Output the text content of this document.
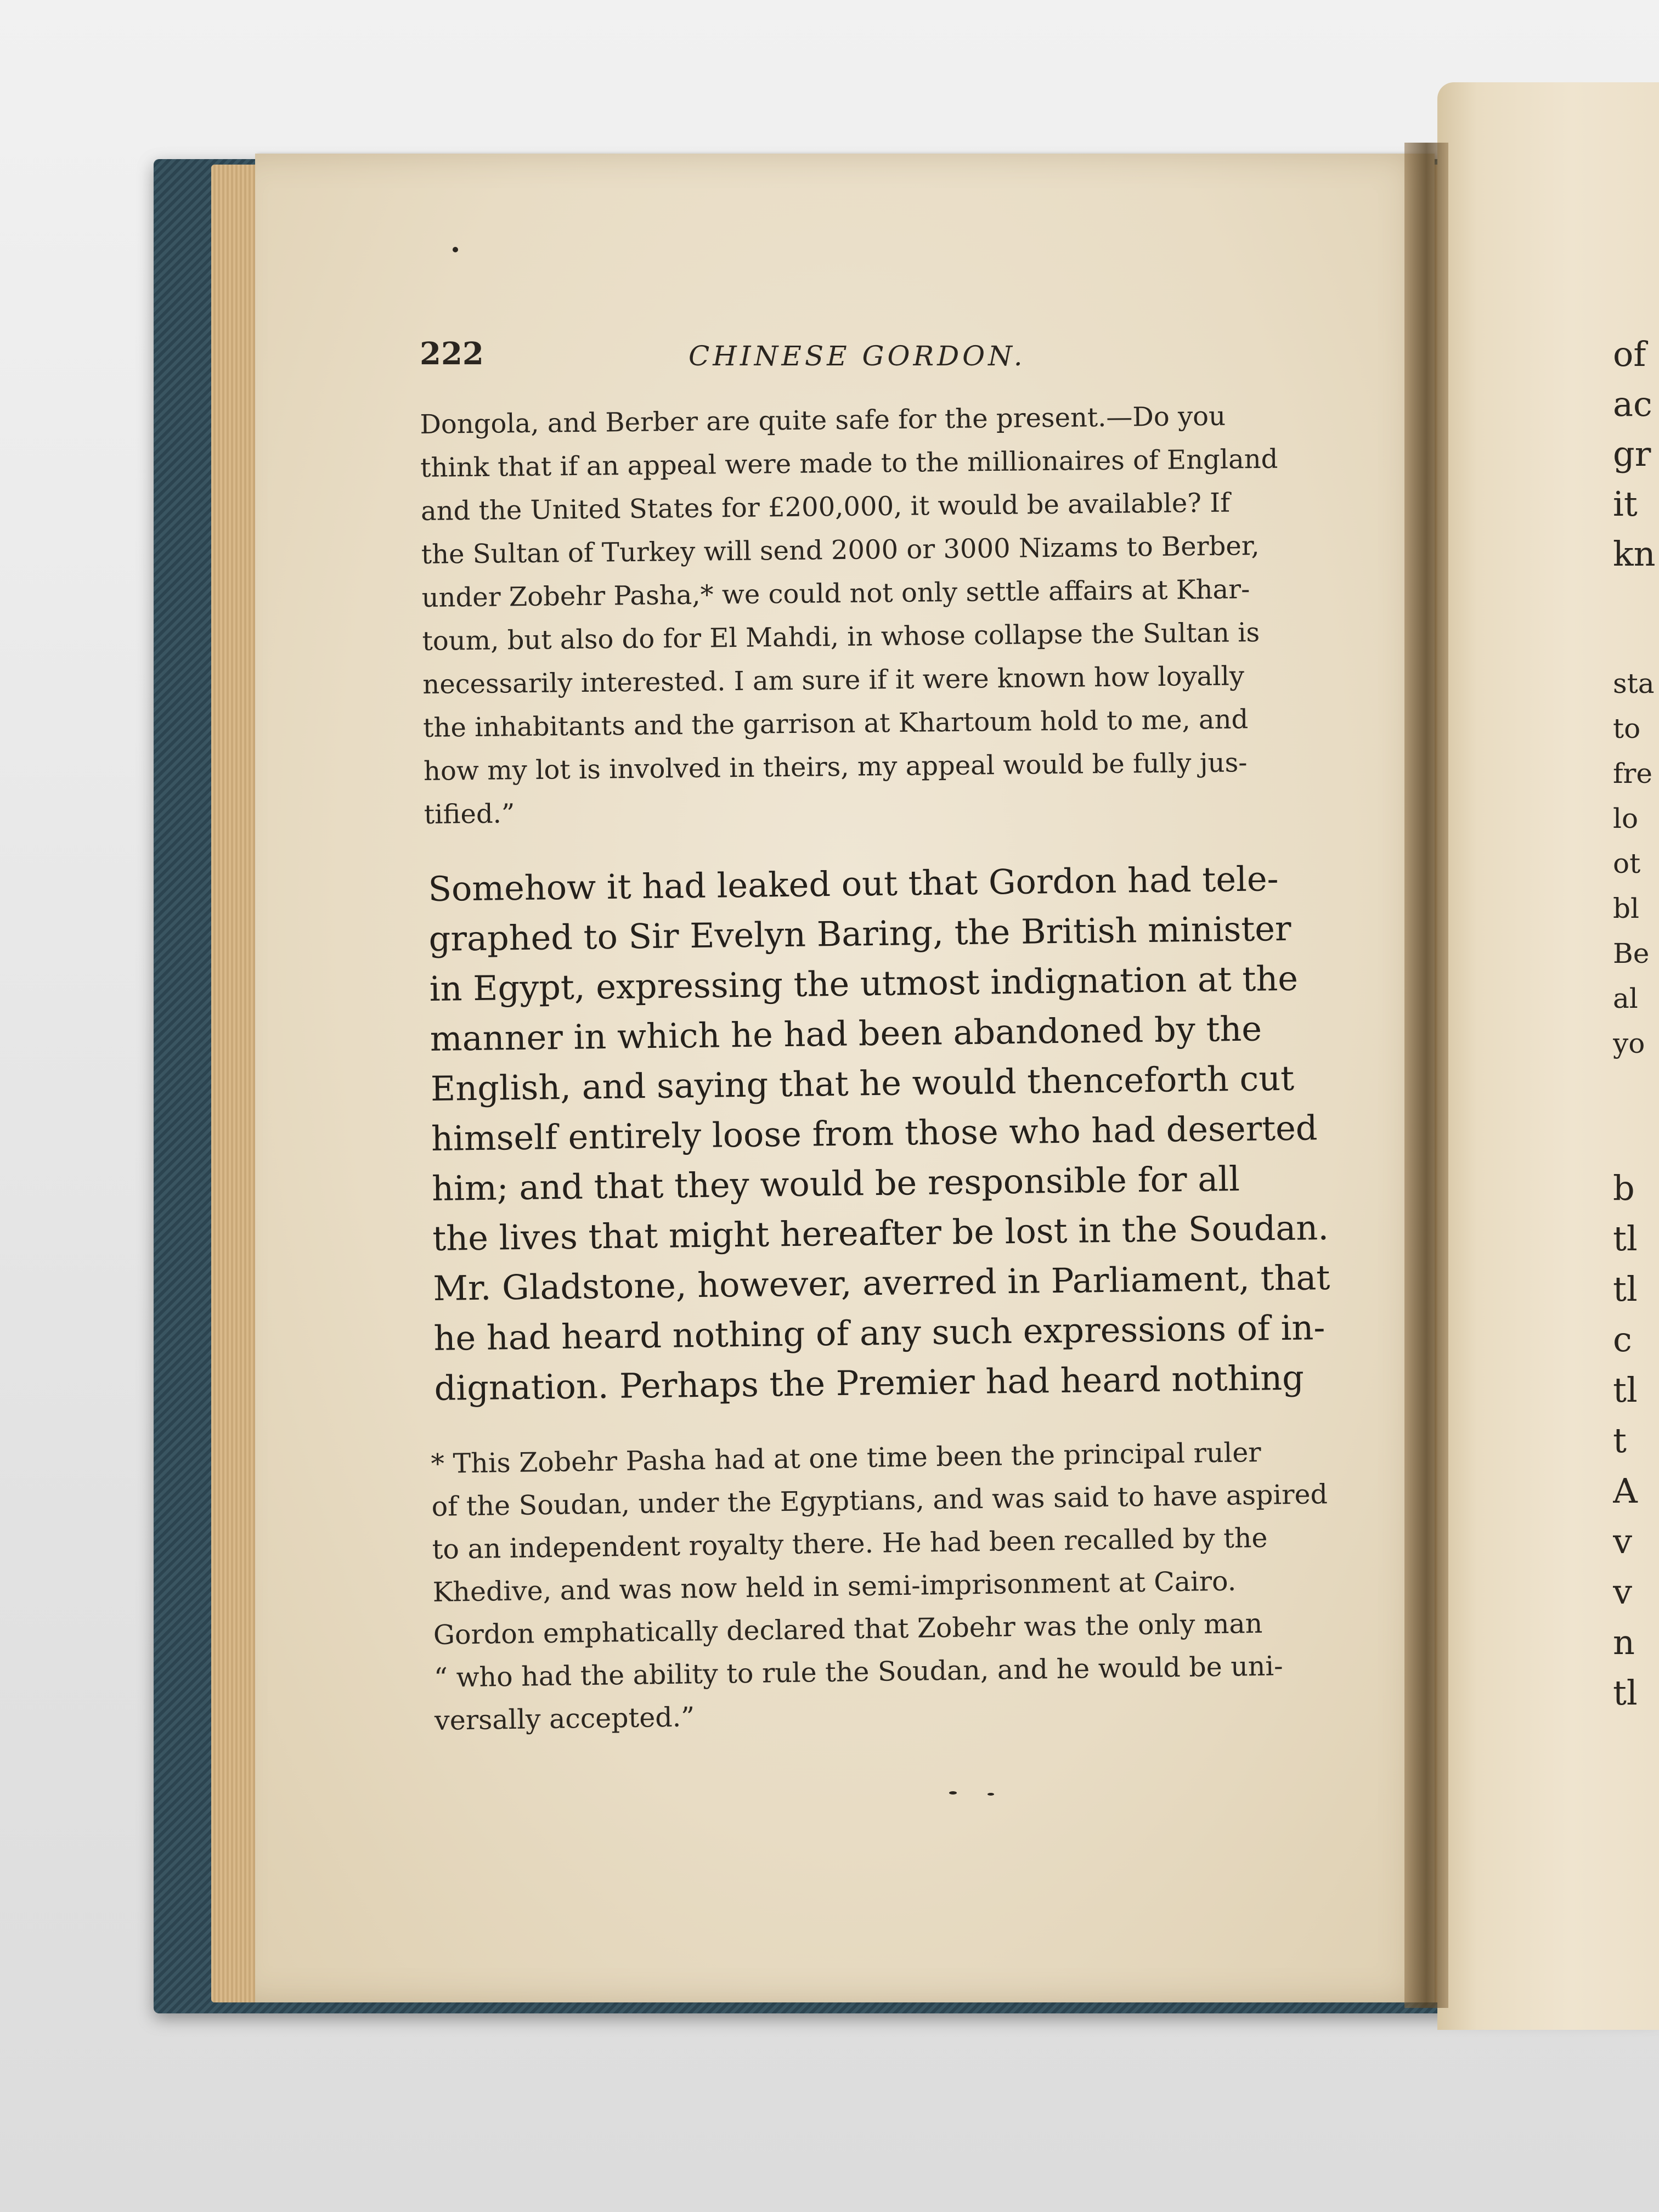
222	CHINESE GORDON.
Dongola, and Berber are quite safe for the present.—Do you
think that if an appeal were made to the millionaires of England
and the United States for £200,000, it would be available? If
the Sultan of Turkey will send 2000 or 3000 Nizams to Berber,
under Zobehr Pasha,* we could not only settle affairs at Khar-
toum, but also do for El Mahdi, in whose collapse the Sultan is
necessarily interested. I am sure if it were known how loyally
the inhabitants and the garrison at Khartoum hold to me, and
how my lot is involved in theirs, my appeal would be fully jus-
tified.”
Somehow it had leaked out that Gordon had tele-
graphed to Sir Evelyn Baring, the British minister
in Egypt, expressing the utmost indignation at the
manner in which he had been abandoned by the
English, and saying that he would thenceforth cut
himself entirely loose from those who had deserted
him; and that they would be responsible for all
the lives that might hereafter be lost in the Soudan.
Mr. Gladstone, however, averred in Parliament, that
he had heard nothing of any such expressions of in-
dignation. Perhaps the Premier had heard nothing
* This Zobehr Pasha had at one time been the principal ruler
of the Soudan, under the Egyptians, and was said to have aspired
to an independent royalty there. He had been recalled by the
Khedive, and was now held in semi-imprisonment at Cairo.
Gordon emphatically declared that Zobehr was the only man
“ who had the ability to rule the Soudan, and he would be uni-
versally accepted.”
of
ac
gr
it
kn
sta
to
fre
lo
ot
bl
Be
al
yo
b
tl
tl
c
tl
t
A
v
v
n
tl
